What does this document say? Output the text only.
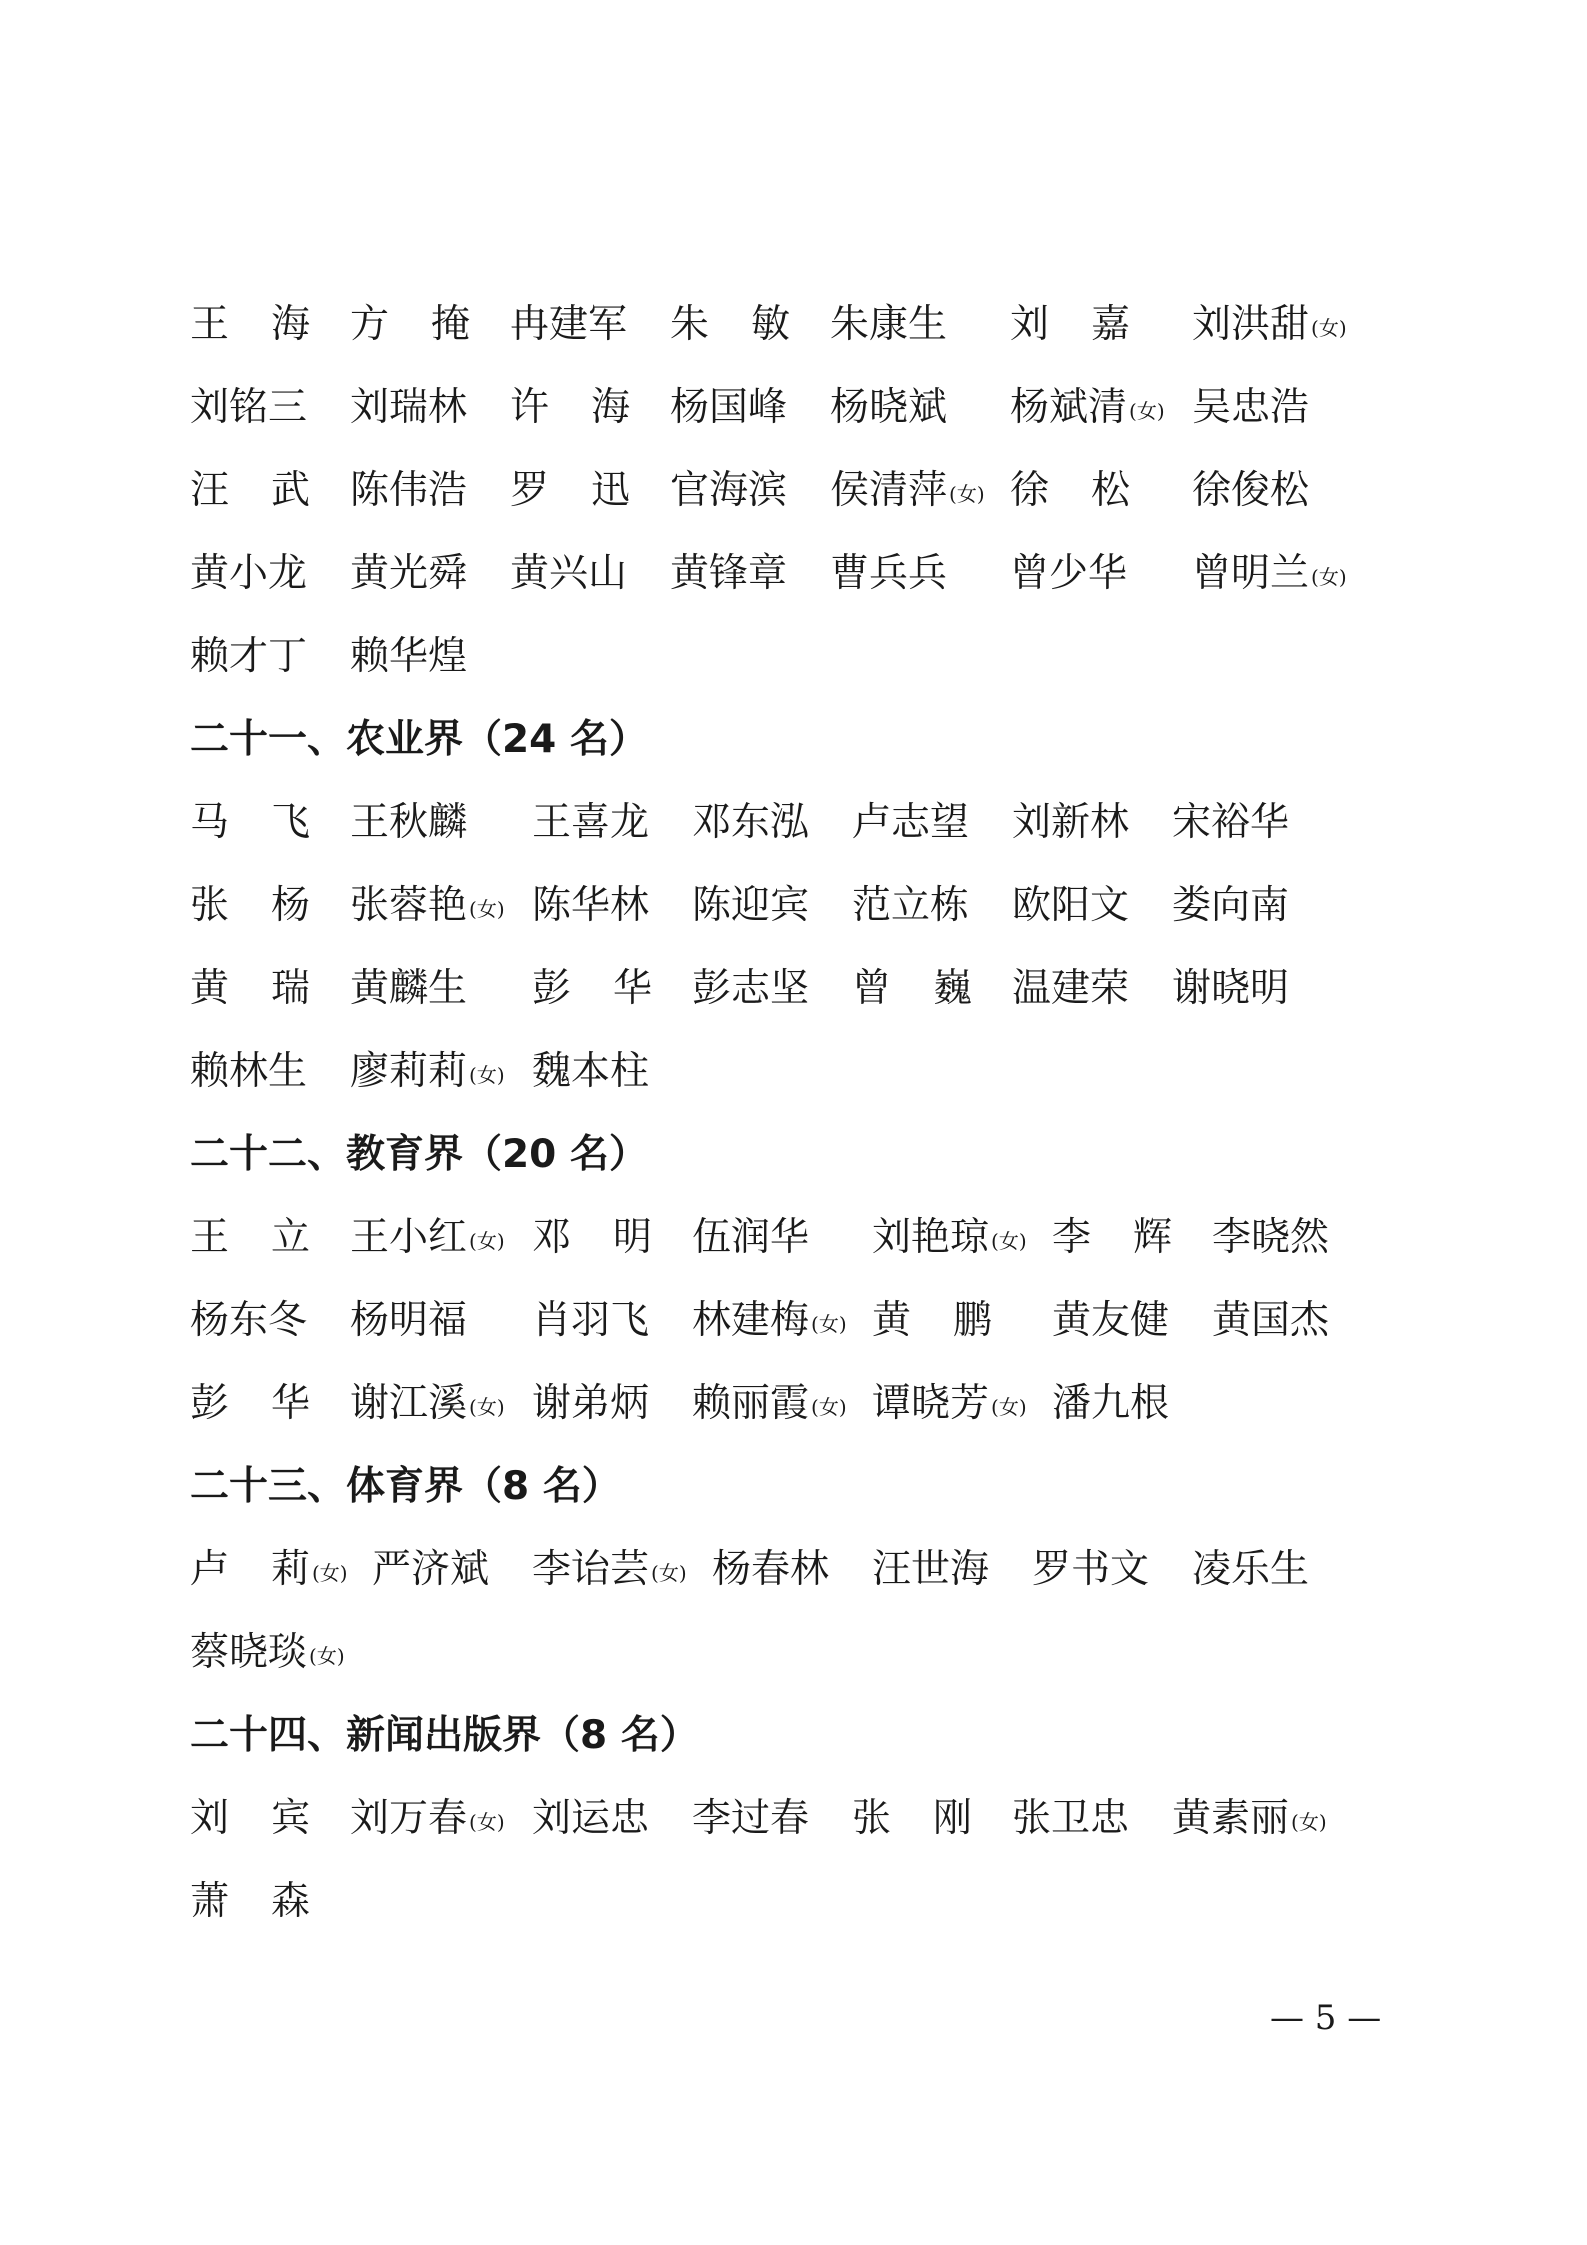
王 海 方 掩 冉建军 朱 敏 朱康生 刘 嘉 刘洪甜 (女)
刘铭三 刘瑞林 许 海 杨国峰 杨晓斌 杨斌清 (女) 吴忠浩
汪 武 陈伟浩 罗 迅 官海滨 侯清萍 (女) 徐 松 徐俊松
黄小龙 黄光舜 黄兴山 黄锋章 曹兵兵 曾少华 曾明兰 (女)
赖才丁 赖华煌
二十一、农业界（24 名）
马 飞 王秋麟 王喜龙 邓东泓 卢志望 刘新林 宋裕华
张 杨 张蓉艳 (女) 陈华林 陈迎宾 范立栋 欧阳文 娄向南
黄 瑞 黄麟生 彭 华 彭志坚 曾 巍 温建荣 谢晓明
赖林生 廖莉莉 (女) 魏本柱
二十二、教育界（20 名）
王 立 王小红 (女) 邓 明 伍润华 刘艳琼 (女) 李 辉 李晓然
杨东冬 杨明福 肖羽飞 林建梅 (女) 黄 鹏 黄友健 黄国杰
彭 华 谢江溪 (女) 谢弟炳 赖丽霞 (女) 谭晓芳 (女) 潘九根
二十三、体育界（8 名）
卢 莉(女) 严济斌 李诒芸 (女) 杨春林 汪世海 罗书文 凌乐生
蔡晓琰 (女)
二十四、新闻出版界（8 名）
刘 宾 刘万春 (女) 刘运忠 李过春 张 刚 张卫忠 黄素丽 (女)
萧 森
— 5 —
